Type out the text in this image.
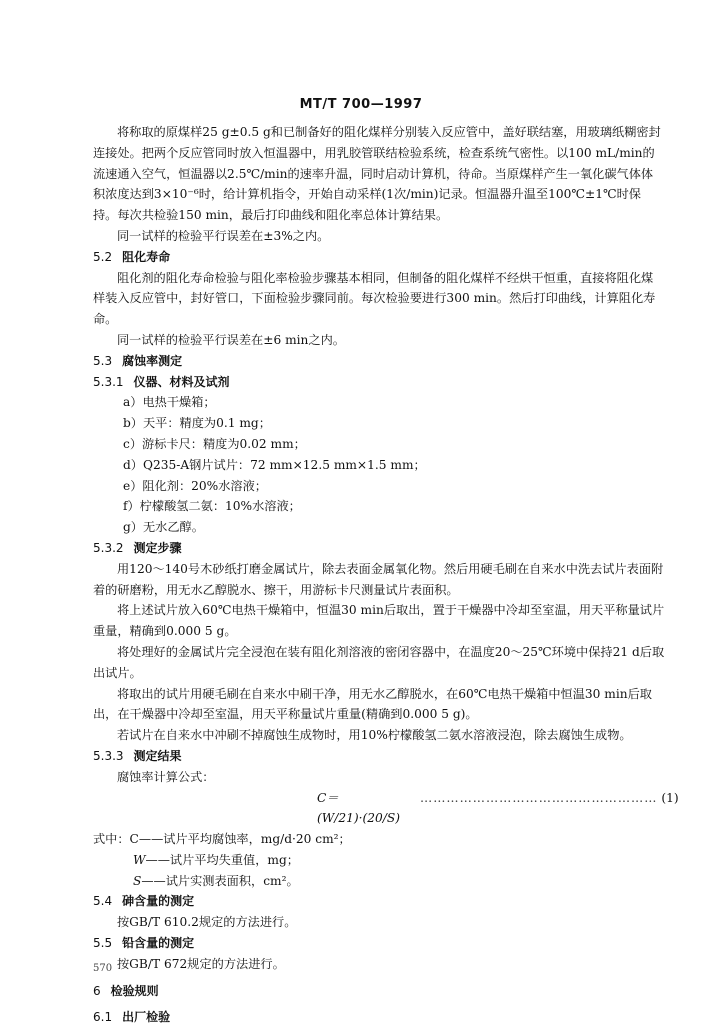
MT/T 700—1997

将称取的原煤样25 g±0.5 g和已制备好的阻化煤样分别装入反应管中，盖好联结塞，用玻璃纸糊密封连接处。把两个反应管同时放入恒温器中，用乳胶管联结检验系统，检查系统气密性。以100 mL/min的流速通入空气，恒温器以2.5℃/min的速率升温，同时启动计算机，待命。当原煤样产生一氧化碳气体体积浓度达到3×10⁻⁶时，给计算机指令，开始自动采样(1次/min)记录。恒温器升温至100℃±1℃时保持。每次共检验150 min，最后打印曲线和阻化率总体计算结果。

同一试样的检验平行误差在±3%之内。

5.2 阻化寿命

阻化剂的阻化寿命检验与阻化率检验步骤基本相同，但制备的阻化煤样不经烘干恒重，直接将阻化煤样装入反应管中，封好管口，下面检验步骤同前。每次检验要进行300 min。然后打印曲线，计算阻化寿命。

同一试样的检验平行误差在±6 min之内。

5.3 腐蚀率测定

5.3.1 仪器、材料及试剂

a）电热干燥箱；

b）天平：精度为0.1 mg；

c）游标卡尺：精度为0.02 mm；

d）Q235-A钢片试片：72 mm×12.5 mm×1.5 mm；

e）阻化剂：20%水溶液；

f）柠檬酸氢二氨：10%水溶液；

g）无水乙醇。

5.3.2 测定步骤

用120～140号木砂纸打磨金属试片，除去表面金属氧化物。然后用硬毛刷在自来水中洗去试片表面附着的研磨粉，用无水乙醇脱水、擦干，用游标卡尺测量试片表面积。

将上述试片放入60℃电热干燥箱中，恒温30 min后取出，置于干燥器中冷却至室温，用天平称量试片重量，精确到0.000 5 g。

将处理好的金属试片完全浸泡在装有阻化剂溶液的密闭容器中，在温度20～25℃环境中保持21 d后取出试片。

将取出的试片用硬毛刷在自来水中刷干净，用无水乙醇脱水，在60℃电热干燥箱中恒温30 min后取出，在干燥器中冷却至室温，用天平称量试片重量(精确到0.000 5 g)。

若试片在自来水中冲刷不掉腐蚀生成物时，用10%柠檬酸氢二氨水溶液浸泡，除去腐蚀生成物。

5.3.3 测定结果

腐蚀率计算公式：

C＝(W/21)·(20/S)
……………………………………………… (1)

式中：C——试片平均腐蚀率，mg/d·20 cm²；

W——试片平均失重值，mg；

S——试片实测表面积，cm²。

5.4 砷含量的测定

按GB/T 610.2规定的方法进行。

5.5 铅含量的测定

按GB/T 672规定的方法进行。

6 检验规则

6.1 出厂检验

570
